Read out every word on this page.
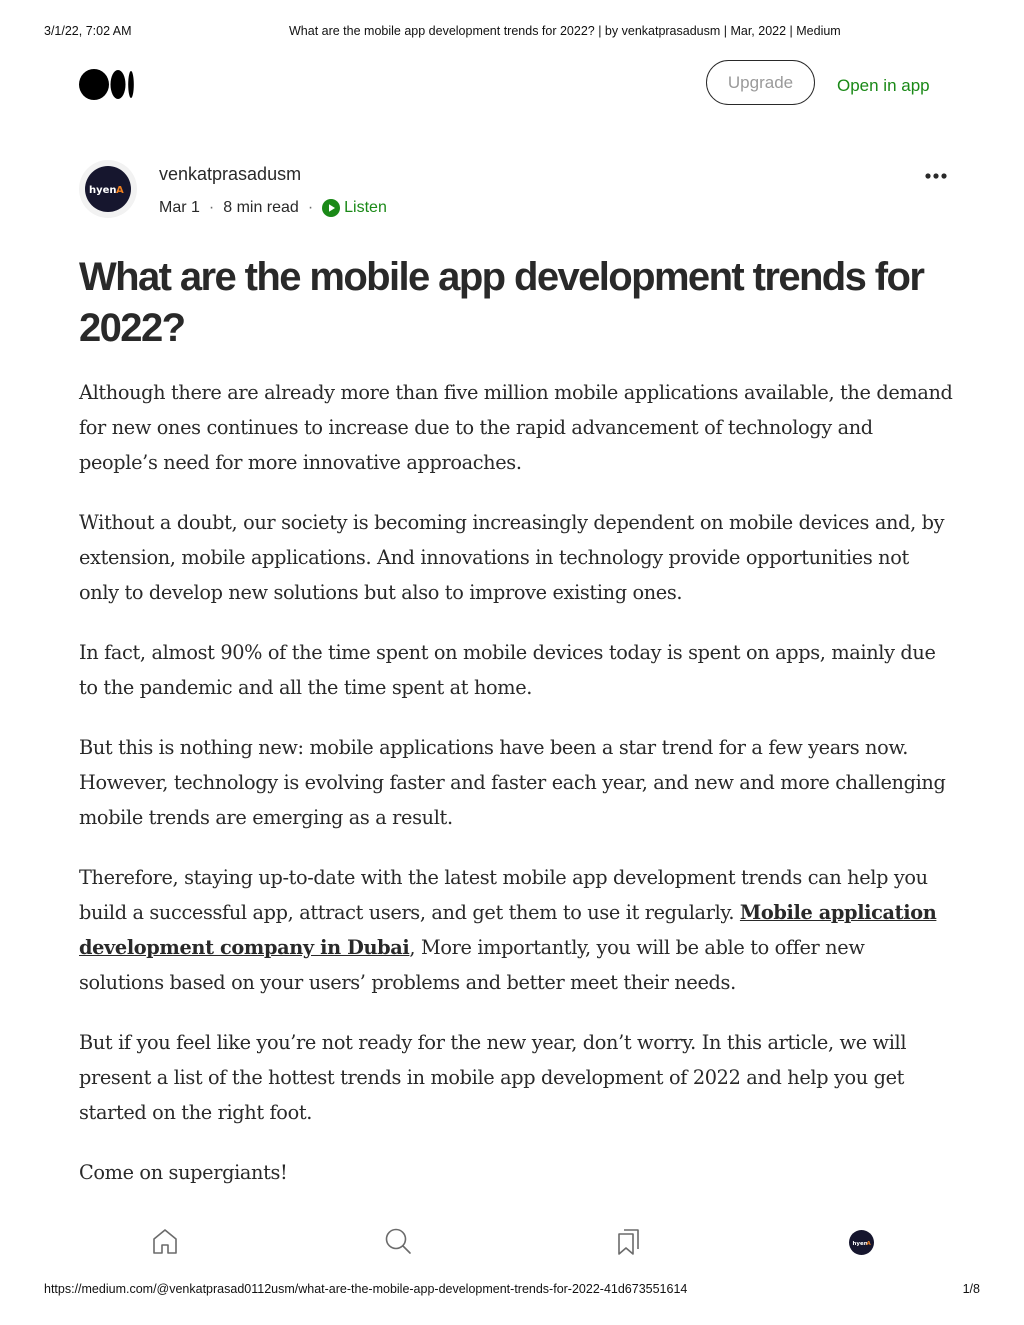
3/1/22, 7:02 AM	What are the mobile app development trends for 2022? | by venkatprasadusm | Mar, 2022 | Medium
Upgrade	Open in app
hyen A
venkatprasadusm
Mar 1 · 8 min read · Listen
What are the mobile app development trends for 2022?

Although there are already more than five million mobile applications available, the demand for new ones continues to increase due to the rapid advancement of technology and people’s need for more innovative approaches.

Without a doubt, our society is becoming increasingly dependent on mobile devices and, by extension, mobile applications. And innovations in technology provide opportunities not only to develop new solutions but also to improve existing ones.

In fact, almost 90% of the time spent on mobile devices today is spent on apps, mainly due to the pandemic and all the time spent at home.

But this is nothing new: mobile applications have been a star trend for a few years now. However, technology is evolving faster and faster each year, and new and more challenging mobile trends are emerging as a result.

Therefore, staying up-to-date with the latest mobile app development trends can help you build a successful app, attract users, and get them to use it regularly. Mobile application development company in Dubai, More importantly, you will be able to offer new solutions based on your users’ problems and better meet their needs.

But if you feel like you’re not ready for the new year, don’t worry. In this article, we will present a list of the hottest trends in mobile app development of 2022 and help you get started on the right foot.

Come on supergiants!

hyen
A
https://medium.com/@venkatprasad0112usm/what-are-the-mobile-app-development-trends-for-2022-41d673551614	1/8
